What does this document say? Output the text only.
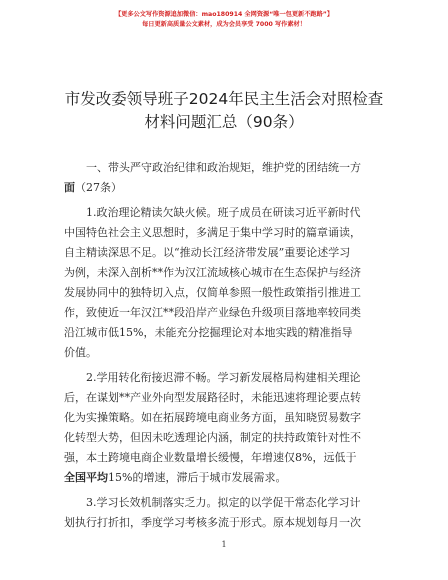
【更多公文写作资源追加微信：mao180914 全网资源“唯一包更新不跑路”】
每日更新高质量公文素材，成为会员享受 7000 写作素材！
市发改委领导班子2024年民主生活会对照检查
材料问题汇总（90条）
一、带头严守政治纪律和政治规矩，维护党的团结统一方
面（27条）
1.政治理论精读欠缺火候。班子成员在研读习近平新时代
中国特色社会主义思想时，多满足于集中学习时的篇章诵读，
自主精读深思不足。以“推动长江经济带发展”重要论述学习
为例，未深入剖析**作为汉江流域核心城市在生态保护与经济
发展协同中的独特切入点，仅简单参照一般性政策指引推进工
作，致使近一年汉江**段沿岸产业绿色升级项目落地率较同类
沿江城市低15%，未能充分挖掘理论对本地实践的精准指导
价值。
2.学用转化衔接迟滞不畅。学习新发展格局构建相关理论
后，在谋划**产业外向型发展路径时，未能迅速将理论要点转
化为实操策略。如在拓展跨境电商业务方面，虽知晓贸易数字
化转型大势，但因未吃透理论内涵，制定的扶持政策针对性不
强，本土跨境电商企业数量增长缓慢，年增速仅8%，远低于
全国平均15%的增速，滞后于城市发展需求。
3.学习长效机制落实乏力。拟定的以学促干常态化学习计
划执行打折扣，季度学习考核多流于形式。原本规划每月一次
1
